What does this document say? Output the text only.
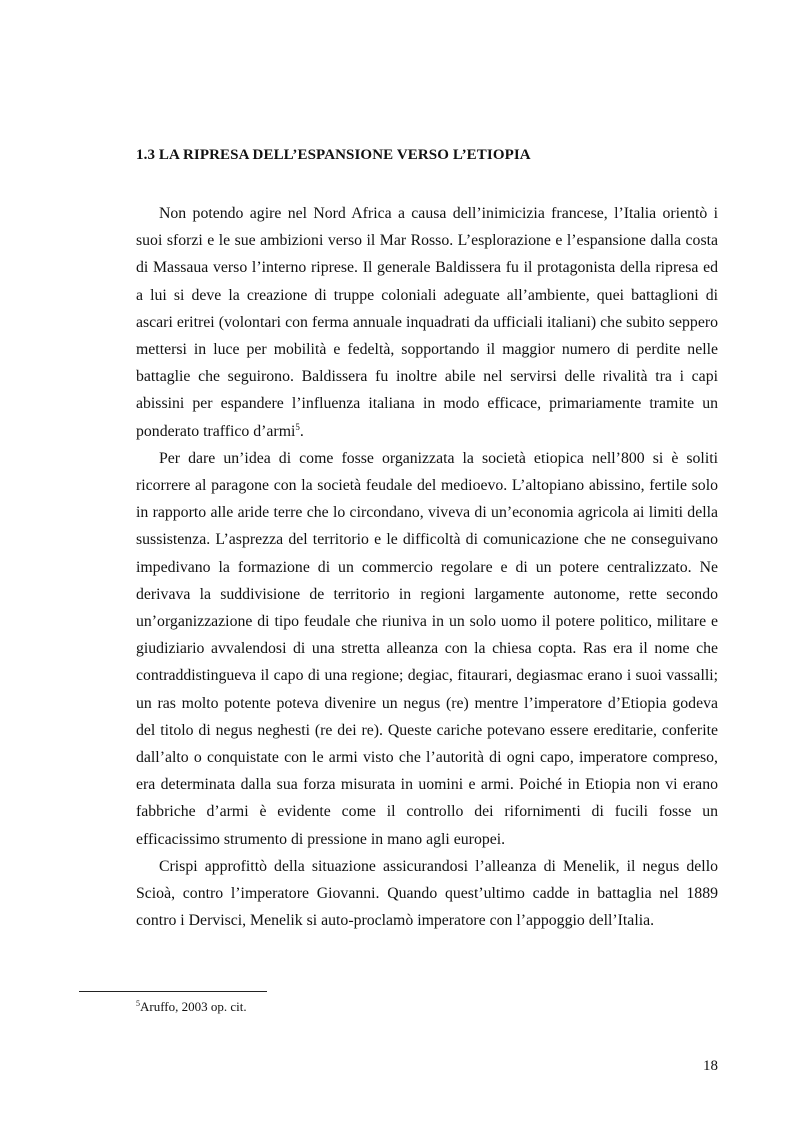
1.3 LA RIPRESA DELL’ESPANSIONE VERSO L’ETIOPIA

Non potendo agire nel Nord Africa a causa dell’inimicizia francese, l’Italia orientò i suoi sforzi e le sue ambizioni verso il Mar Rosso. L’esplorazione e l’espansione dalla costa di Massaua verso l’interno riprese. Il generale Baldissera fu il protagonista della ripresa ed a lui si deve la creazione di truppe coloniali adeguate all’ambiente, quei battaglioni di ascari eritrei (volontari con ferma annuale inquadrati da ufficiali italiani) che subito seppero mettersi in luce per mobilità e fedeltà, sopportando il maggior numero di perdite nelle battaglie che seguirono. Baldissera fu inoltre abile nel servirsi delle rivalità tra i capi abissini per espandere l’influenza italiana in modo efficace, primariamente tramite un ponderato traffico d’armi$^5$.

Per dare un’idea di come fosse organizzata la società etiopica nell’800 si è soliti ricorrere al paragone con la società feudale del medioevo. L’altopiano abissino, fertile solo in rapporto alle aride terre che lo circondano, viveva di un’economia agricola ai limiti della sussistenza. L’asprezza del territorio e le difficoltà di comunicazione che ne conseguivano impedivano la formazione di un commercio regolare e di un potere centralizzato. Ne derivava la suddivisione de territorio in regioni largamente autonome, rette secondo un’organizzazione di tipo feudale che riuniva in un solo uomo il potere politico, militare e giudiziario avvalendosi di una stretta alleanza con la chiesa copta. Ras era il nome che contraddistingueva il capo di una regione; degiac, fitaurari, degiasmac erano i suoi vassalli; un ras molto potente poteva divenire un negus (re) mentre l’imperatore d’Etiopia godeva del titolo di negus neghesti (re dei re). Queste cariche potevano essere ereditarie, conferite dall’alto o conquistate con le armi visto che l’autorità di ogni capo, imperatore compreso, era determinata dalla sua forza misurata in uomini e armi. Poiché in Etiopia non vi erano fabbriche d’armi è evidente come il controllo dei rifornimenti di fucili fosse un efficacissimo strumento di pressione in mano agli europei.

Crispi approfittò della situazione assicurandosi l’alleanza di Menelik, il negus dello Scioà, contro l’imperatore Giovanni. Quando quest’ultimo cadde in battaglia nel 1889 contro i Dervisci, Menelik si auto-proclamò imperatore con l’appoggio dell’Italia.

$^5$Aruffo, 2003 op. cit.
18
